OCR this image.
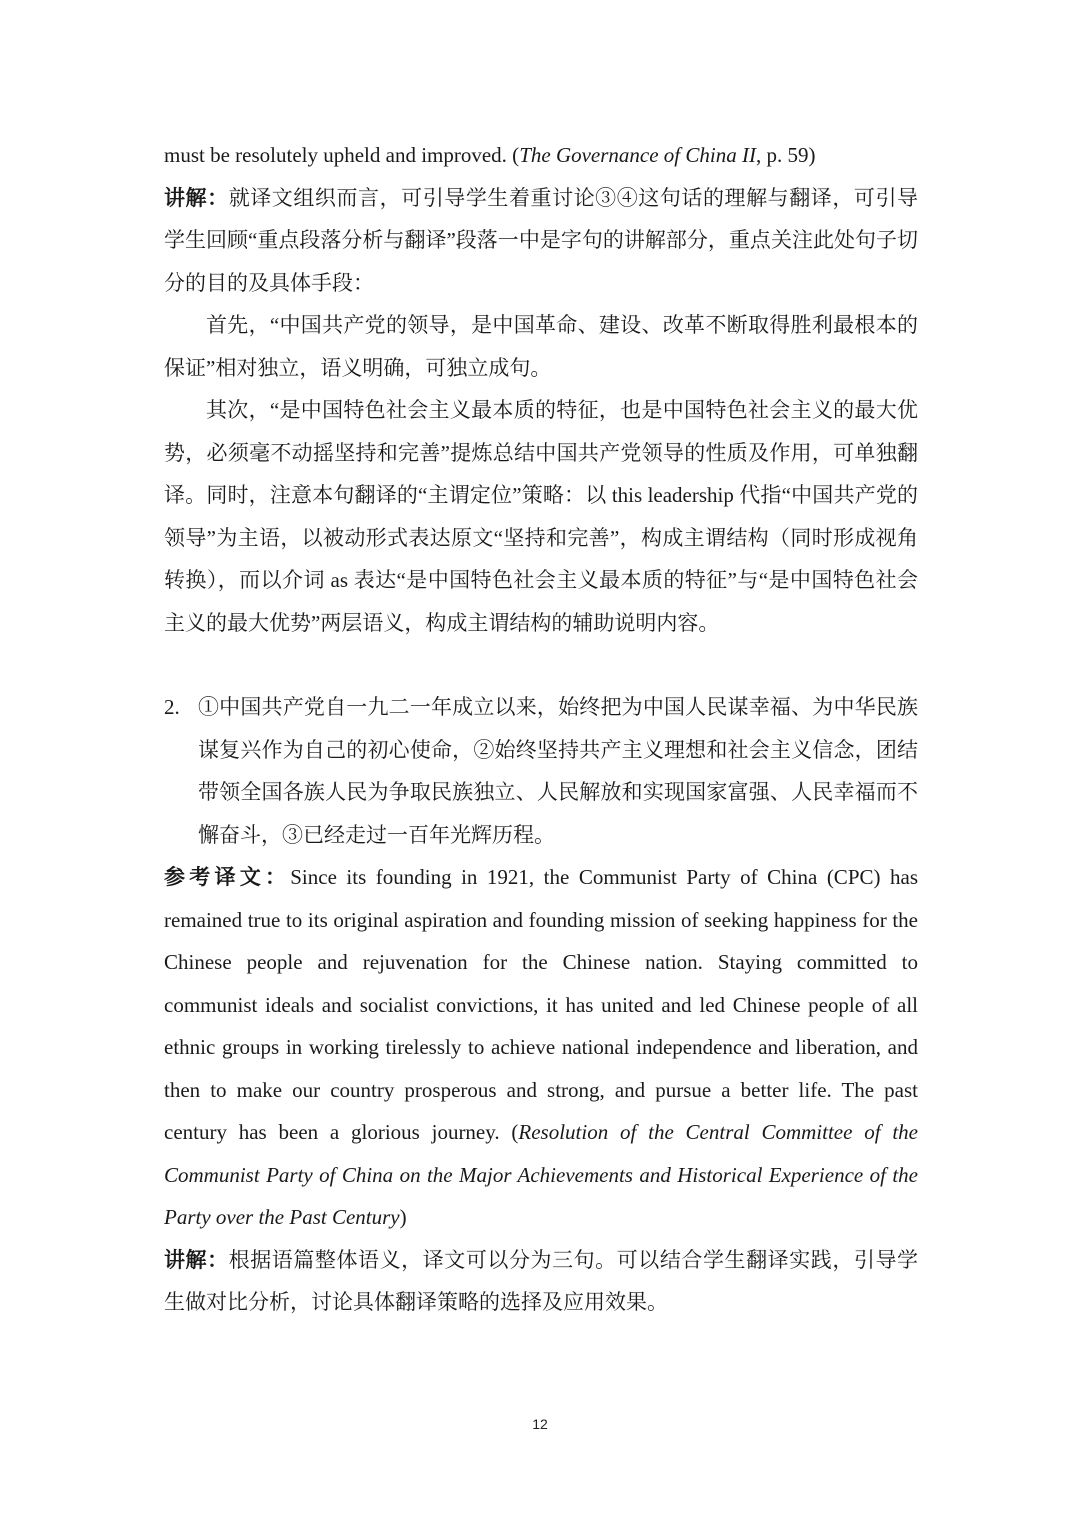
must be resolutely upheld and improved. (The Governance of China II, p. 59)

讲解：就译文组织而言，可引导学生着重讨论③④这句话的理解与翻译，可引导学生回顾“重点段落分析与翻译”段落一中是字句的讲解部分，重点关注此处句子切分的目的及具体手段：

首先，“中国共产党的领导，是中国革命、建设、改革不断取得胜利最根本的保证”相对独立，语义明确，可独立成句。

其次，“是中国特色社会主义最本质的特征，也是中国特色社会主义的最大优势，必须毫不动摇坚持和完善”提炼总结中国共产党领导的性质及作用，可单独翻译。同时，注意本句翻译的“主谓定位”策略：以 this leadership 代指“中国共产党的领导”为主语，以被动形式表达原文“坚持和完善”，构成主谓结构（同时形成视角转换），而以介词 as 表达“是中国特色社会主义最本质的特征”与“是中国特色社会主义的最大优势”两层语义，构成主谓结构的辅助说明内容。

2. ①中国共产党自一九二一年成立以来，始终把为中国人民谋幸福、为中华民族谋复兴作为自己的初心使命，②始终坚持共产主义理想和社会主义信念，团结带领全国各族人民为争取民族独立、人民解放和实现国家富强、人民幸福而不懈奋斗，③已经走过一百年光辉历程。

参考译文：Since its founding in 1921, the Communist Party of China (CPC) has remained true to its original aspiration and founding mission of seeking happiness for the Chinese people and rejuvenation for the Chinese nation. Staying committed to communist ideals and socialist convictions, it has united and led Chinese people of all ethnic groups in working tirelessly to achieve national independence and liberation, and then to make our country prosperous and strong, and pursue a better life. The past century has been a glorious journey. (Resolution of the Central Committee of the Communist Party of China on the Major Achievements and Historical Experience of the Party over the Past Century)

讲解：根据语篇整体语义，译文可以分为三句。可以结合学生翻译实践，引导学生做对比分析，讨论具体翻译策略的选择及应用效果。

12
